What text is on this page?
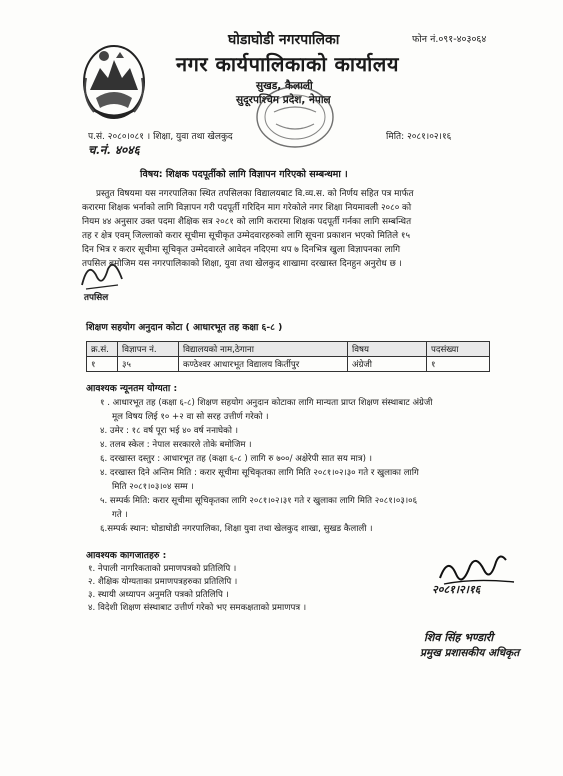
घोडाघोडी नगरपालिका
नगर कार्यपालिकाको कार्यालय
फोन नं.०९१-४०३०६४
सुखड, कैलाली
सुदूरपश्चिम प्रदेश, नेपाल
प.सं. २०८०।०८१ । शिक्षा, युवा तथा खेलकुद
च.नं. ४०४६
मिति: २०८१।०२।१६
विषय: शिक्षक पदपूर्तीको लागि विज्ञापन गरिएको सम्बन्धमा ।
प्रस्तुत विषयमा यस नगरपालिका स्थित तपसिलका विद्यालयबाट वि.व्य.स. को निर्णय सहित पत्र मार्फत
करारमा शिक्षक भर्नाको लागि विज्ञापन गरी पदपूर्ती गरिदिन माग गरेकोले नगर शिक्षा नियमावली २०८० को
नियम ४४ अनुसार उक्त पदमा शैक्षिक सत्र २०८१ को लागि करारमा शिक्षक पदपूर्ती गर्नका लागि सम्बन्धित
तह र क्षेत्र एवम् जिल्लाको करार सूचीमा सूचीकृत उम्मेदवारहरुको लागि सूचना प्रकाशन भएको मितिले १५
दिन भित्र र करार सूचीमा सूचिकृत उम्मेदवारले आवेदन नदिएमा थप ७ दिनभित्र खुला विज्ञापनका लागि
तपसिल बमोजिम यस नगरपालिकाको शिक्षा, युवा तथा खेलकुद शाखामा दरखास्त दिनहुन अनुरोध छ ।
तपसिल
शिक्षण सहयोग अनुदान कोटा ( आधारभूत तह कक्षा ६-८ )
क्र.सं.	विज्ञापन नं.	विद्यालयको नाम,ठेगाना	विषय	पदसंख्या
१	३५	कण्ठेश्वर आधारभूत विद्यालय किर्तीपुर	अंग्रेजी	१
आवश्यक न्यूनतम योग्यता :
१ . आधारभूत तह (कक्षा ६-८) शिक्षण सहयोग अनुदान कोटाका लागि मान्यता प्राप्त शिक्षण संस्थाबाट अंग्रेजी
मूल विषय लिई १० +२ वा सो सरह उत्तीर्ण गरेको ।
४. उमेर : १८ वर्ष पूरा भई ४० वर्ष ननाघेको ।
४. तलब स्केल : नेपाल सरकारले तोके बमोजिम ।
६. दरखास्त दस्तुर : आधारभूत तह (कक्षा ६-८ ) लागि रु ७००/ अक्षेरेपी सात सय मात्र) ।
४. दरखास्त दिने अन्तिम मिति : करार सूचीमा सूचिकृतका लागि मिति २०८१।०२।३० गते र खुलाका लागि
मिति २०८१।०३।०४ सम्म ।
५. सम्पर्क मिति: करार सूचीमा सूचिकृतका लागि २०८१।०२।३१ गते र खुलाका लागि मिति २०८१।०३।०६
गते ।
६.सम्पर्क स्थान: घोडाघोडी नगरपालिका, शिक्षा युवा तथा खेलकुद शाखा, सुखड कैलाली ।
आवश्यक कागजातहरु :
१. नेपाली नागरिकताको प्रमाणपत्रको प्रतिलिपि ।
२. शैक्षिक योग्यताका प्रमाणपत्रहरुका प्रतिलिपि ।
३. स्थायी अध्यापन अनुमति पत्रको प्रतिलिपि ।
४. विदेशी शिक्षण संस्थाबाट उत्तीर्ण गरेको भए समकक्षताको प्रमाणपत्र ।
२०८१।२।१६
शिव सिंह भण्डारी
प्रमुख प्रशासकीय अधिकृत
